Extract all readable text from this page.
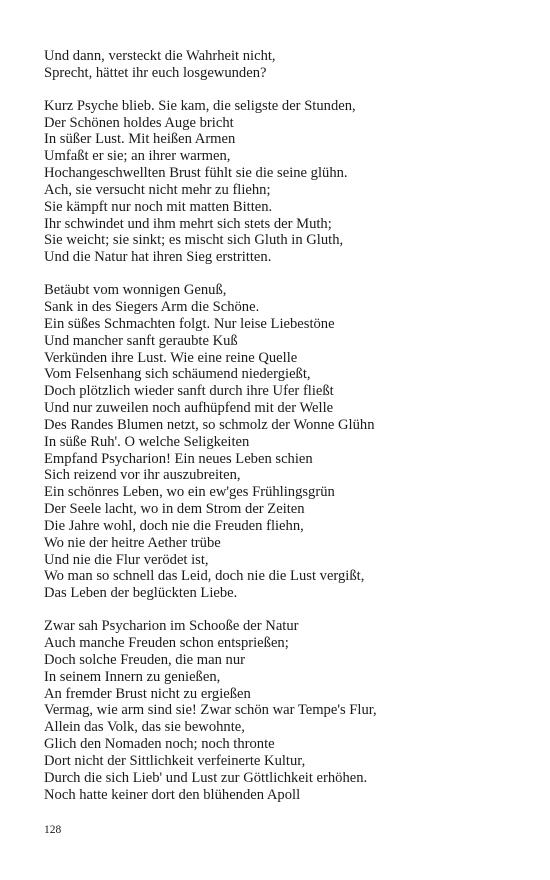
Und dann, versteckt die Wahrheit nicht,
Sprecht, hättet ihr euch losgewunden?
Kurz Psyche blieb. Sie kam, die seligste der Stunden,
Der Schönen holdes Auge bricht
In süßer Lust. Mit heißen Armen
Umfaßt er sie; an ihrer warmen,
Hochangeschwellten Brust fühlt sie die seine glühn.
Ach, sie versucht nicht mehr zu fliehn;
Sie kämpft nur noch mit matten Bitten.
Ihr schwindet und ihm mehrt sich stets der Muth;
Sie weicht; sie sinkt; es mischt sich Gluth in Gluth,
Und die Natur hat ihren Sieg erstritten.
Betäubt vom wonnigen Genuß,
Sank in des Siegers Arm die Schöne.
Ein süßes Schmachten folgt. Nur leise Liebestöne
Und mancher sanft geraubte Kuß
Verkünden ihre Lust. Wie eine reine Quelle
Vom Felsenhang sich schäumend niedergießt,
Doch plötzlich wieder sanft durch ihre Ufer fließt
Und nur zuweilen noch aufhüpfend mit der Welle
Des Randes Blumen netzt, so schmolz der Wonne Glühn
In süße Ruh'. O welche Seligkeiten
Empfand Psycharion! Ein neues Leben schien
Sich reizend vor ihr auszubreiten,
Ein schönres Leben, wo ein ew'ges Frühlingsgrün
Der Seele lacht, wo in dem Strom der Zeiten
Die Jahre wohl, doch nie die Freuden fliehn,
Wo nie der heitre Aether trübe
Und nie die Flur verödet ist,
Wo man so schnell das Leid, doch nie die Lust vergißt,
Das Leben der beglückten Liebe.
Zwar sah Psycharion im Schooße der Natur
Auch manche Freuden schon entsprießen;
Doch solche Freuden, die man nur
In seinem Innern zu genießen,
An fremder Brust nicht zu ergießen
Vermag, wie arm sind sie! Zwar schön war Tempe's Flur,
Allein das Volk, das sie bewohnte,
Glich den Nomaden noch; noch thronte
Dort nicht der Sittlichkeit verfeinerte Kultur,
Durch die sich Lieb' und Lust zur Göttlichkeit erhöhen.
Noch hatte keiner dort den blühenden Apoll
128
